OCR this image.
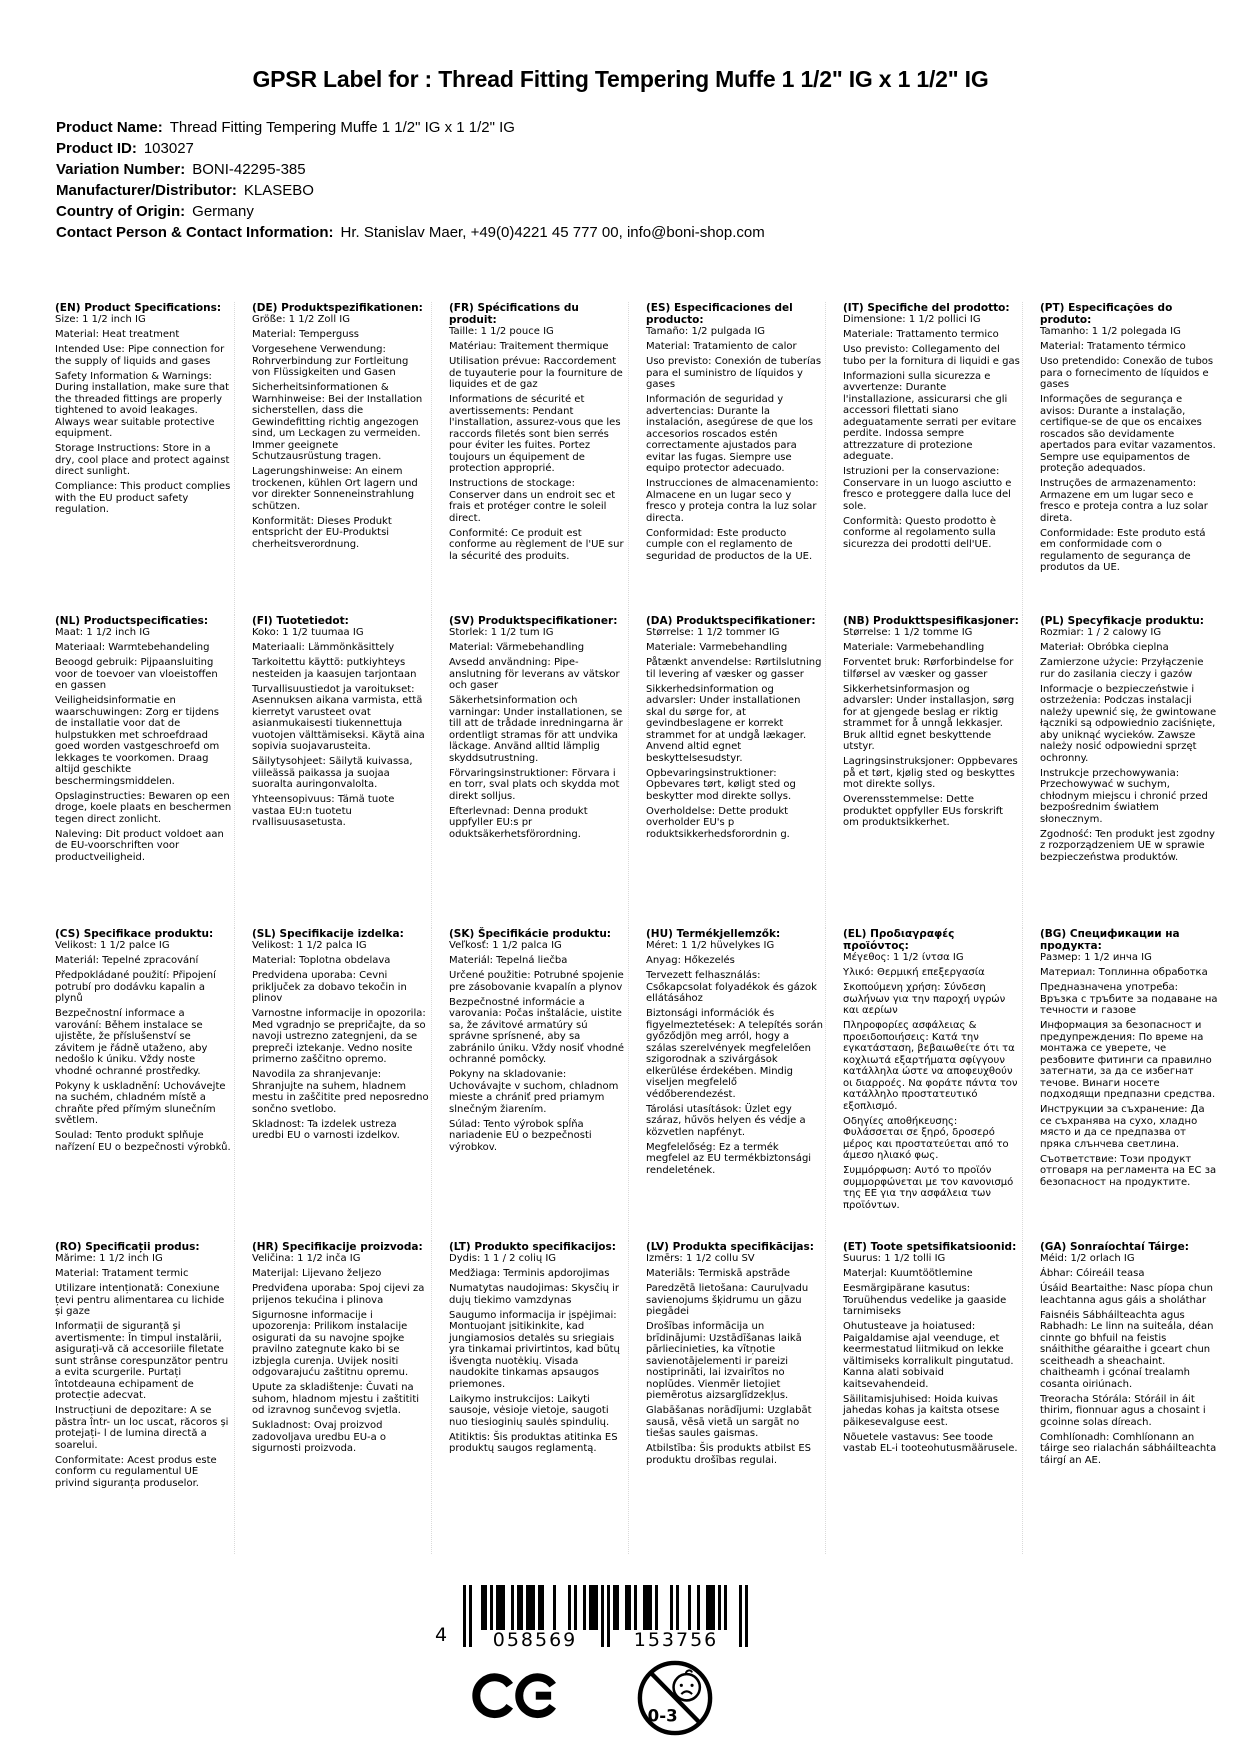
GPSR Label for : Thread Fitting Tempering Muffe 1 1/2" IG x 1 1/2" IG
Product Name: Thread Fitting Tempering Muffe 1 1/2" IG x 1 1/2" IG
Product ID: 103027
Variation Number: BONI-42295-385
Manufacturer/Distributor: KLASEBO
Country of Origin: Germany
Contact Person & Contact Information: Hr. Stanislav Maer, +49(0)4221 45 777 00, info@boni-shop.com
(EN) Product Specifications:

Size: 1 1/2 inch IG

Material: Heat treatment

Intended Use: Pipe connection for the supply of liquids and gases

Safety Information & Warnings: During installation, make sure that the threaded fittings are properly tightened to avoid leakages. Always wear suitable protective equipment.

Storage Instructions: Store in a dry, cool place and protect against direct sunlight.

Compliance: This product complies with the EU product safety regulation.

(DE) Produktspezifikationen:

Größe: 1 1/2 Zoll IG

Material: Temperguss

Vorgesehene Verwendung: Rohrverbindung zur Fortleitung von Flüssigkeiten und Gasen

Sicherheitsinformationen & Warnhinweise: Bei der Installation sicherstellen, dass die Gewindefitting richtig angezogen sind, um Leckagen zu vermeiden. Immer geeignete Schutzausrüstung tragen.

Lagerungshinweise: An einem trockenen, kühlen Ort lagern und vor direkter Sonneneinstrahlung schützen.

Konformität: Dieses Produkt entspricht der EU-Produktsi cherheitsverordnung.

(FR) Spécifications du produit:

Taille: 1 1/2 pouce IG

Matériau: Traitement thermique

Utilisation prévue: Raccordement de tuyauterie pour la fourniture de liquides et de gaz

Informations de sécurité et avertissements: Pendant l'installation, assurez-vous que les raccords filetés sont bien serrés pour éviter les fuites. Portez toujours un équipement de protection approprié.

Instructions de stockage: Conserver dans un endroit sec et frais et protéger contre le soleil direct.

Conformité: Ce produit est conforme au règlement de l'UE sur la sécurité des produits.

(ES) Especificaciones del producto:

Tamaño: 1/2 pulgada IG

Material: Tratamiento de calor

Uso previsto: Conexión de tuberías para el suministro de líquidos y gases

Información de seguridad y advertencias: Durante la instalación, asegúrese de que los accesorios roscados estén correctamente ajustados para evitar las fugas. Siempre use equipo protector adecuado.

Instrucciones de almacenamiento: Almacene en un lugar seco y fresco y proteja contra la luz solar directa.

Conformidad: Este producto cumple con el reglamento de seguridad de productos de la UE.

(IT) Specifiche del prodotto:

Dimensione: 1 1/2 pollici IG

Materiale: Trattamento termico

Uso previsto: Collegamento del tubo per la fornitura di liquidi e gas

Informazioni sulla sicurezza e avvertenze: Durante l'installazione, assicurarsi che gli accessori filettati siano adeguatamente serrati per evitare perdite. Indossa sempre attrezzature di protezione adeguate.

Istruzioni per la conservazione: Conservare in un luogo asciutto e fresco e proteggere dalla luce del sole.

Conformità: Questo prodotto è conforme al regolamento sulla sicurezza dei prodotti dell'UE.

(PT) Especificações do produto:

Tamanho: 1 1/2 polegada IG

Material: Tratamento térmico

Uso pretendido: Conexão de tubos para o fornecimento de líquidos e gases

Informações de segurança e avisos: Durante a instalação, certifique-se de que os encaixes roscados são devidamente apertados para evitar vazamentos. Sempre use equipamentos de proteção adequados.

Instruções de armazenamento: Armazene em um lugar seco e fresco e proteja contra a luz solar direta.

Conformidade: Este produto está em conformidade com o regulamento de segurança de produtos da UE.

(NL) Productspecificaties:

Maat: 1 1/2 inch IG

Materiaal: Warmtebehandeling

Beoogd gebruik: Pijpaansluiting voor de toevoer van vloeistoffen en gassen

Veiligheidsinformatie en waarschuwingen: Zorg er tijdens de installatie voor dat de hulpstukken met schroefdraad goed worden vastgeschroefd om lekkages te voorkomen. Draag altijd geschikte beschermingsmiddelen.

Opslaginstructies: Bewaren op een droge, koele plaats en beschermen tegen direct zonlicht.

Naleving: Dit product voldoet aan de EU-voorschriften voor productveiligheid.

(FI) Tuotetiedot:

Koko: 1 1/2 tuumaa IG

Materiaali: Lämmönkäsittely

Tarkoitettu käyttö: putkiyhteys nesteiden ja kaasujen tarjontaan

Turvallisuustiedot ja varoitukset: Asennuksen aikana varmista, että kierretyt varusteet ovat asianmukaisesti tiukennettuja vuotojen välttämiseksi. Käytä aina sopivia suojavarusteita.

Säilytysohjeet: Säilytä kuivassa, viileässä paikassa ja suojaa suoralta auringonvalolta.

Yhteensopivuus: Tämä tuote vastaa EU:n tuotetu rvallisuusasetusta.

(SV) Produktspecifikationer:

Storlek: 1 1/2 tum IG

Material: Värmebehandling

Avsedd användning: Pipe- anslutning för leverans av vätskor och gaser

Säkerhetsinformation och varningar: Under installationen, se till att de trådade inredningarna är ordentligt stramas för att undvika läckage. Använd alltid lämplig skyddsutrustning.

Förvaringsinstruktioner: Förvara i en torr, sval plats och skydda mot direkt solljus.

Efterlevnad: Denna produkt uppfyller EU:s pr oduktsäkerhetsförordning.

(DA) Produktspecifikationer:

Størrelse: 1 1/2 tommer IG

Materiale: Varmebehandling

Påtænkt anvendelse: Rørtilslutning til levering af væsker og gasser

Sikkerhedsinformation og advarsler: Under installationen skal du sørge for, at gevindbeslagene er korrekt strammet for at undgå lækager. Anvend altid egnet beskyttelsesudstyr.

Opbevaringsinstruktioner: Opbevares tørt, køligt sted og beskytter mod direkte sollys.

Overholdelse: Dette produkt overholder EU's p roduktsikkerhedsforordnin g.

(NB) Produkttspesifikasjoner:

Størrelse: 1 1/2 tomme IG

Materiale: Varmebehandling

Forventet bruk: Rørforbindelse for tilførsel av væsker og gasser

Sikkerhetsinformasjon og advarsler: Under installasjon, sørg for at gjengede beslag er riktig strammet for å unngå lekkasjer. Bruk alltid egnet beskyttende utstyr.

Lagringsinstruksjoner: Oppbevares på et tørt, kjølig sted og beskyttes mot direkte sollys.

Overensstemmelse: Dette produktet oppfyller EUs forskrift om produktsikkerhet.

(PL) Specyfikacje produktu:

Rozmiar: 1 / 2 calowy IG

Materiał: Obróbka cieplna

Zamierzone użycie: Przyłączenie rur do zasilania cieczy i gazów

Informacje o bezpieczeństwie i ostrzeżenia: Podczas instalacji należy upewnić się, że gwintowane łączniki są odpowiednio zaciśnięte, aby uniknąć wycieków. Zawsze należy nosić odpowiedni sprzęt ochronny.

Instrukcje przechowywania: Przechowywać w suchym, chłodnym miejscu i chronić przed bezpośrednim światłem słonecznym.

Zgodność: Ten produkt jest zgodny z rozporządzeniem UE w sprawie bezpieczeństwa produktów.

(CS) Specifikace produktu:

Velikost: 1 1/2 palce IG

Materiál: Tepelné zpracování

Předpokládané použití: Připojení potrubí pro dodávku kapalin a plynů

Bezpečnostní informace a varování: Během instalace se ujistěte, že příslušenství se závitem je řádně utaženo, aby nedošlo k úniku. Vždy noste vhodné ochranné prostředky.

Pokyny k uskladnění: Uchovávejte na suchém, chladném místě a chraňte před přímým slunečním světlem.

Soulad: Tento produkt splňuje nařízení EU o bezpečnosti výrobků.

(SL) Specifikacije izdelka:

Velikost: 1 1/2 palca IG

Material: Toplotna obdelava

Predvidena uporaba: Cevni priključek za dobavo tekočin in plinov

Varnostne informacije in opozorila: Med vgradnjo se prepričajte, da so navoji ustrezno zategnjeni, da se prepreči iztekanje. Vedno nosite primerno zaščitno opremo.

Navodila za shranjevanje: Shranjujte na suhem, hladnem mestu in zaščitite pred neposredno sončno svetlobo.

Skladnost: Ta izdelek ustreza uredbi EU o varnosti izdelkov.

(SK) Špecifikácie produktu:

Veľkosť: 1 1/2 palca IG

Materiál: Tepelná liečba

Určené použitie: Potrubné spojenie pre zásobovanie kvapalín a plynov

Bezpečnostné informácie a varovania: Počas inštalácie, uistite sa, že závitové armatúry sú správne sprísnené, aby sa zabránilo úniku. Vždy nosiť vhodné ochranné pomôcky.

Pokyny na skladovanie: Uchovávajte v suchom, chladnom mieste a chrániť pred priamym slnečným žiarením.

Súlad: Tento výrobok spĺňa nariadenie EÚ o bezpečnosti výrobkov.

(HU) Termékjellemzők:

Méret: 1 1/2 hüvelykes IG

Anyag: Hőkezelés

Tervezett felhasználás: Csőkapcsolat folyadékok és gázok ellátásához

Biztonsági információk és figyelmeztetések: A telepítés során győződjön meg arról, hogy a szálas szerelvények megfelelően szigorodnak a szivárgások elkerülése érdekében. Mindig viseljen megfelelő védőberendezést.

Tárolási utasítások: Üzlet egy száraz, hűvös helyen és védje a közvetlen napfényt.

Megfelelőség: Ez a termék megfelel az EU termékbiztonsági rendeletének.

(EL) Προδιαγραφές προϊόντος:

Μέγεθος: 1 1/2 ίντσα IG

Υλικό: Θερμική επεξεργασία

Σκοπούμενη χρήση: Σύνδεση σωλήνων για την παροχή υγρών και αερίων

Πληροφορίες ασφάλειας & προειδοποιήσεις: Κατά την εγκατάσταση, βεβαιωθείτε ότι τα κοχλιωτά εξαρτήματα σφίγγουν κατάλληλα ώστε να αποφευχθούν οι διαρροές. Να φοράτε πάντα τον κατάλληλο προστατευτικό εξοπλισμό.

Οδηγίες αποθήκευσης: Φυλάσσεται σε ξηρό, δροσερό μέρος και προστατεύεται από το άμεσο ηλιακό φως.

Συμμόρφωση: Αυτό το προϊόν συμμορφώνεται με τον κανονισμό της ΕΕ για την ασφάλεια των προϊόντων.

(BG) Спецификации на продукта:

Размер: 1 1/2 инча IG

Материал: Топлинна обработка

Предназначена употреба: Връзка с тръбите за подаване на течности и газове

Информация за безопасност и предупреждения: По време на монтажа се уверете, че резбовите фитинги са правилно затегнати, за да се избегнат течове. Винаги носете подходящи предпазни средства.

Инструкции за съхранение: Да се съхранява на сухо, хладно място и да се предпазва от пряка слънчева светлина.

Съответствие: Този продукт отговаря на регламента на ЕС за безопасност на продуктите.

(RO) Specificații produs:

Mărime: 1 1/2 inch IG

Material: Tratament termic

Utilizare intenționată: Conexiune țevi pentru alimentarea cu lichide și gaze

Informații de siguranță și avertismente: În timpul instalării, asigurați-vă că accesoriile filetate sunt strânse corespunzător pentru a evita scurgerile. Purtați întotdeauna echipament de protecție adecvat.

Instrucțiuni de depozitare: A se păstra într- un loc uscat, răcoros și protejați- l de lumina directă a soarelui.

Conformitate: Acest produs este conform cu regulamentul UE privind siguranța produselor.

(HR) Specifikacije proizvoda:

Veličina: 1 1/2 inča IG

Materijal: Lijevano željezo

Predviđena uporaba: Spoj cijevi za prijenos tekućina i plinova

Sigurnosne informacije i upozorenja: Prilikom instalacije osigurati da su navojne spojke pravilno zategnute kako bi se izbjegla curenja. Uvijek nositi odgovarajuću zaštitnu opremu.

Upute za skladištenje: Čuvati na suhom, hladnom mjestu i zaštititi od izravnog sunčevog svjetla.

Sukladnost: Ovaj proizvod zadovoljava uredbu EU-a o sigurnosti proizvoda.

(LT) Produkto specifikacijos:

Dydis: 1 1 / 2 colių IG

Medžiaga: Terminis apdorojimas

Numatytas naudojimas: Skysčių ir dujų tiekimo vamzdynas

Saugumo informacija ir įspėjimai: Montuojant įsitikinkite, kad jungiamosios detalės su sriegiais yra tinkamai privirtintos, kad būtų išvengta nuotėkių. Visada naudokite tinkamas apsaugos priemones.

Laikymo instrukcijos: Laikyti sausoje, vėsioje vietoje, saugoti nuo tiesioginių saulės spindulių.

Atitiktis: Šis produktas atitinka ES produktų saugos reglamentą.

(LV) Produkta specifikācijas:

Izmērs: 1 1/2 collu SV

Materiāls: Termiskā apstrāde

Paredzētā lietošana: Cauruļvadu savienojums šķidrumu un gāzu piegādei

Drošības informācija un brīdinājumi: Uzstādīšanas laikā pārliecinieties, ka vītņotie savienotājelementi ir pareizi nostiprināti, lai izvairītos no noplūdes. Vienmēr lietojiet piemērotus aizsarglīdzekļus.

Glabāšanas norādījumi: Uzglabāt sausā, vēsā vietā un sargāt no tiešas saules gaismas.

Atbilstība: Šis produkts atbilst ES produktu drošības regulai.

(ET) Toote spetsifikatsioonid:

Suurus: 1 1/2 tolli IG

Materjal: Kuumtöötlemine

Eesmärgipärane kasutus: Toruühendus vedelike ja gaaside tarnimiseks

Ohutusteave ja hoiatused: Paigaldamise ajal veenduge, et keermestatud liitmikud on lekke vältimiseks korralikult pingutatud. Kanna alati sobivaid kaitsevahendeid.

Säilitamisjuhised: Hoida kuivas jahedas kohas ja kaitsta otsese päikesevalguse eest.

Nõuetele vastavus: See toode vastab EL-i tooteohutusmäärusele.

(GA) Sonraíochtaí Táirge:

Méid: 1/2 orlach IG

Ábhar: Cóireáil teasa

Úsáid Beartaithe: Nasc píopa chun leachtanna agus gáis a sholáthar

Faisnéis Sábháilteachta agus Rabhadh: Le linn na suiteála, déan cinnte go bhfuil na feistis snáithithe géaraithe i gceart chun sceitheadh a sheachaint. chaitheamh i gcónaí trealamh cosanta oiriúnach.

Treoracha Stórála: Stóráil in áit thirim, fionnuar agus a chosaint i gcoinne solas díreach.

Comhlíonadh: Comhlíonann an táirge seo rialachán sábháilteachta táirgí an AE.

4	058569	153756
0-3
